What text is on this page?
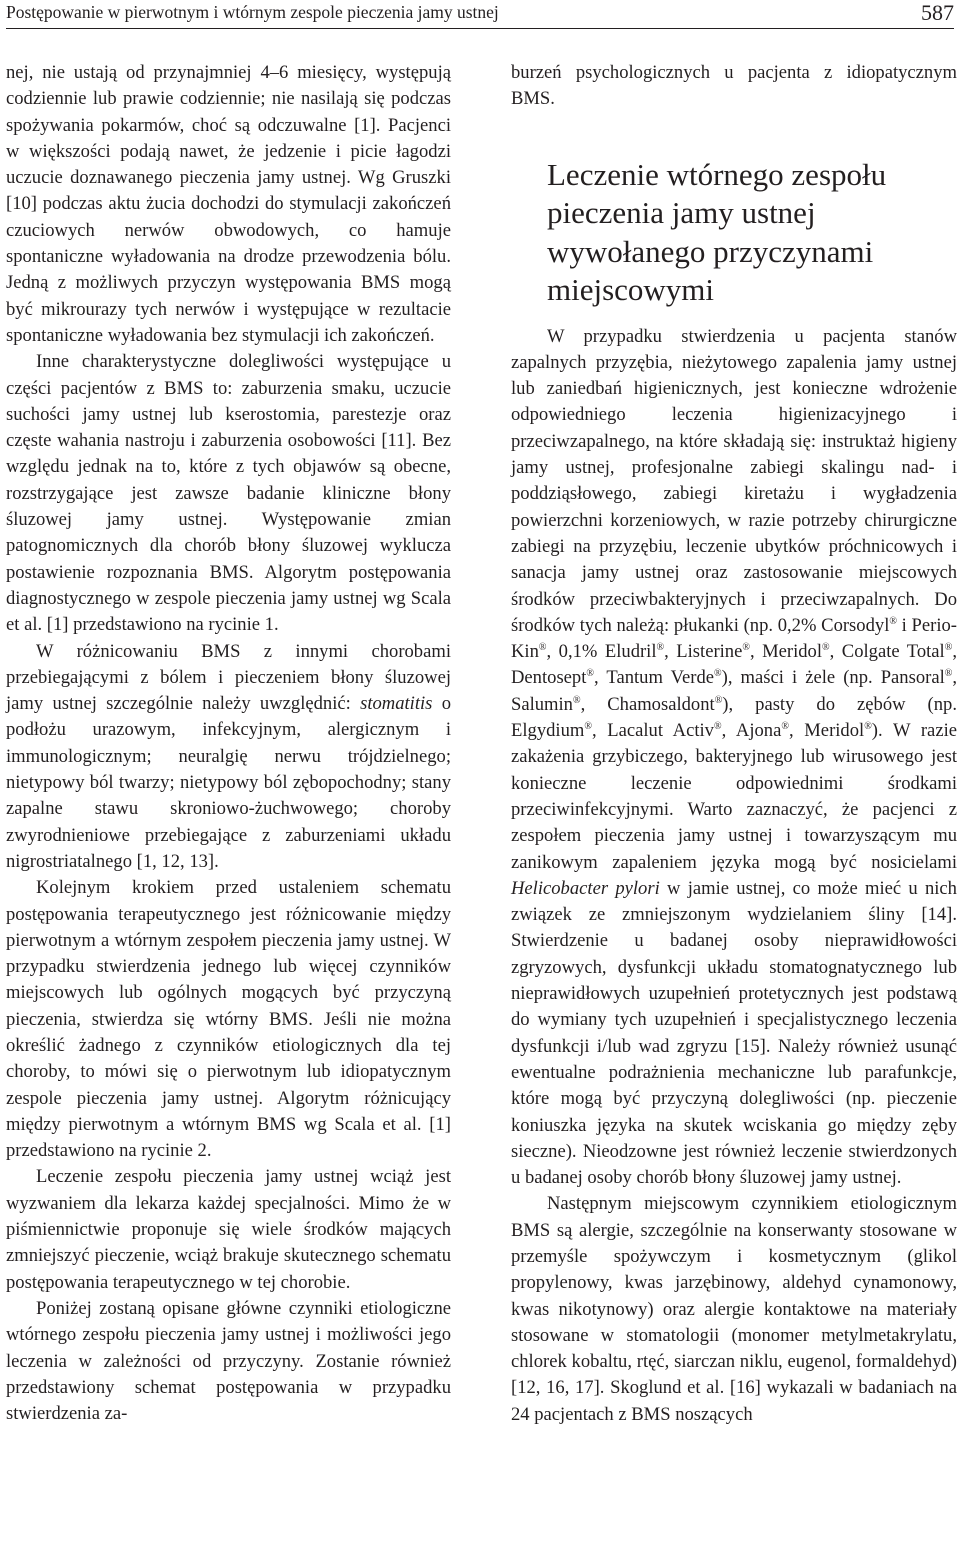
Postępowanie w pierwotnym i wtórnym zespole pieczenia jamy ustnej	587

nej, nie ustają od przynajmniej 4–6 miesięcy, występują codziennie lub prawie codziennie; nie nasilają się podczas spożywania pokarmów, choć są odczuwalne [1]. Pacjenci w większości podają nawet, że jedzenie i picie łagodzi uczucie doznawanego pieczenia jamy ustnej. Wg Gruszki [10] podczas aktu żucia dochodzi do stymulacji zakończeń czuciowych nerwów obwodowych, co hamuje spontaniczne wyładowania na drodze przewodzenia bólu. Jedną z możliwych przyczyn występowania BMS mogą być mikrourazy tych nerwów i występujące w rezultacie spontaniczne wyładowania bez stymulacji ich zakończeń.

Inne charakterystyczne dolegliwości występujące u części pacjentów z BMS to: zaburzenia smaku, uczucie suchości jamy ustnej lub kserostomia, parestezje oraz częste wahania nastroju i zaburzenia osobowości [11]. Bez względu jednak na to, które z tych objawów są obecne, rozstrzygające jest zawsze badanie kliniczne błony śluzowej jamy ustnej. Występowanie zmian patognomicznych dla chorób błony śluzowej wyklucza postawienie rozpoznania BMS. Algorytm postępowania diagnostycznego w zespole pieczenia jamy ustnej wg Scala et al. [1] przedstawiono na rycinie 1.

W różnicowaniu BMS z innymi chorobami przebiegającymi z bólem i pieczeniem błony śluzowej jamy ustnej szczególnie należy uwzględnić: stomatitis o podłożu urazowym, infekcyjnym, alergicznym i immunologicznym; neuralgię nerwu trójdzielnego; nietypowy ból twarzy; nietypowy ból zębopochodny; stany zapalne stawu skroniowo-żuchwowego; choroby zwyrodnieniowe przebiegające z zaburzeniami układu nigrostriatalnego [1, 12, 13].

Kolejnym krokiem przed ustaleniem schematu postępowania terapeutycznego jest różnicowanie między pierwotnym a wtórnym zespołem pieczenia jamy ustnej. W przypadku stwierdzenia jednego lub więcej czynników miejscowych lub ogólnych mogących być przyczyną pieczenia, stwierdza się wtórny BMS. Jeśli nie można określić żadnego z czynników etiologicznych dla tej choroby, to mówi się o pierwotnym lub idiopatycznym zespole pieczenia jamy ustnej. Algorytm różnicujący między pierwotnym a wtórnym BMS wg Scala et al. [1] przedstawiono na rycinie 2.

Leczenie zespołu pieczenia jamy ustnej wciąż jest wyzwaniem dla lekarza każdej specjalności. Mimo że w piśmiennictwie proponuje się wiele środków mających zmniejszyć pieczenie, wciąż brakuje skutecznego schematu postępowania terapeutycznego w tej chorobie.

Poniżej zostaną opisane główne czynniki etiologiczne wtórnego zespołu pieczenia jamy ustnej i możliwości jego leczenia w zależności od przyczyny. Zostanie również przedstawiony schemat postępowania w przypadku stwierdzenia za-

burzeń psychologicznych u pacjenta z idiopatycznym BMS.

Leczenie wtórnego zespołu pieczenia jamy ustnej wywołanego przyczynami miejscowymi

W przypadku stwierdzenia u pacjenta stanów zapalnych przyzębia, nieżytowego zapalenia jamy ustnej lub zaniedbań higienicznych, jest konieczne wdrożenie odpowiedniego leczenia higienizacyjnego i przeciwzapalnego, na które składają się: instruktaż higieny jamy ustnej, profesjonalne zabiegi skalingu nad- i poddziąsłowego, zabiegi kiretażu i wygładzenia powierzchni korzeniowych, w razie potrzeby chirurgiczne zabiegi na przyzębiu, leczenie ubytków próchnicowych i sanacja jamy ustnej oraz zastosowanie miejscowych środków przeciwbakteryjnych i przeciwzapalnych. Do środków tych należą: płukanki (np. 0,2% Corsodyl® i Perio-Kin®, 0,1% Eludril®, Listerine®, Meridol®, Colgate Total®, Dentosept®, Tantum Verde®), maści i żele (np. Pansoral®, Salumin®, Chamosaldont®), pasty do zębów (np. Elgydium®, Lacalut Activ®, Ajona®, Meridol®). W razie zakażenia grzybiczego, bakteryjnego lub wirusowego jest konieczne leczenie odpowiednimi środkami przeciwinfekcyjnymi. Warto zaznaczyć, że pacjenci z zespołem pieczenia jamy ustnej i towarzyszącym mu zanikowym zapaleniem języka mogą być nosicielami Helicobacter pylori w jamie ustnej, co może mieć u nich związek ze zmniejszonym wydzielaniem śliny [14]. Stwierdzenie u badanej osoby nieprawidłowości zgryzowych, dysfunkcji układu stomatognatycznego lub nieprawidłowych uzupełnień protetycznych jest podstawą do wymiany tych uzupełnień i specjalistycznego leczenia dysfunkcji i/lub wad zgryzu [15]. Należy również usunąć ewentualne podrażnienia mechaniczne lub parafunkcje, które mogą być przyczyną dolegliwości (np. pieczenie koniuszka języka na skutek wciskania go między zęby sieczne). Nieodzowne jest również leczenie stwierdzonych u badanej osoby chorób błony śluzowej jamy ustnej.

Następnym miejscowym czynnikiem etiologicznym BMS są alergie, szczególnie na konserwanty stosowane w przemyśle spożywczym i kosmetycznym (glikol propylenowy, kwas jarzębinowy, aldehyd cynamonowy, kwas nikotynowy) oraz alergie kontaktowe na materiały stosowane w stomatologii (monomer metylmetakrylatu, chlorek kobaltu, rtęć, siarczan niklu, eugenol, formaldehyd) [12, 16, 17]. Skoglund et al. [16] wykazali w badaniach na 24 pacjentach z BMS noszących
